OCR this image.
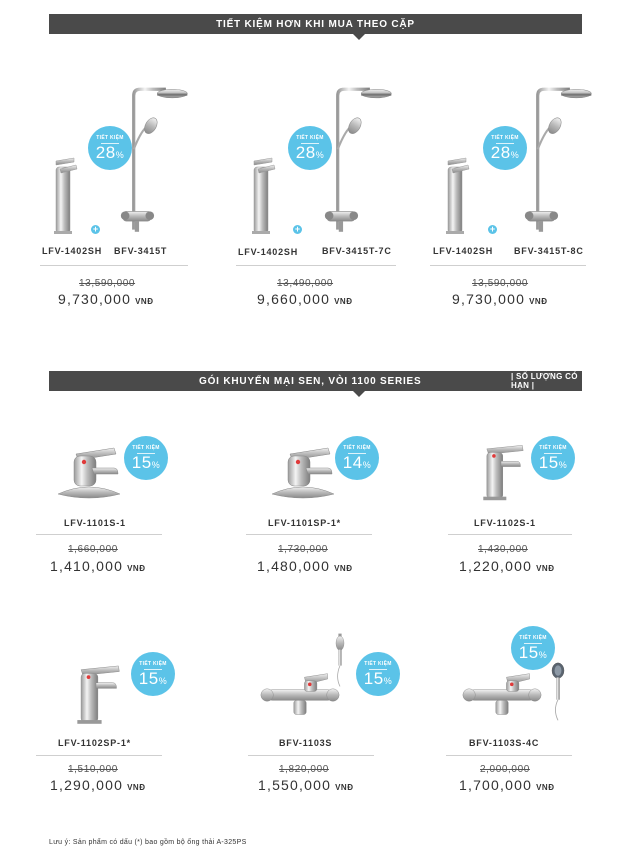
TIẾT KIỆM HƠN KHI MUA THEO CẶP
+
TIẾT KIỆM
28%
LFV-1402SH BFV-3415T
13,590,000
9,730,000 VNĐ
+
TIẾT KIỆM
28%
LFV-1402SH	BFV-3415T-7C
13,490,000
9,660,000 VNĐ
+
TIẾT KIỆM
28%
LFV-1402SH BFV-3415T-8C
13,590,000
9,730,000 VNĐ
GÓI KHUYẾN MẠI SEN, VÒI 1100 SERIES	| SỐ LƯỢNG CÓ HẠN |
TIẾT KIỆM
15%
LFV-1101S-1
1,660,000
1,410,000 VNĐ
TIẾT KIỆM
14%
LFV-1101SP-1*
1,730,000
1,480,000 VNĐ
TIẾT KIỆM
15%
LFV-1102S-1
1,430,000
1,220,000 VNĐ
TIẾT KIỆM
15%
LFV-1102SP-1*
1,510,000
1,290,000 VNĐ
TIẾT KIỆM
15%
BFV-1103S
1,820,000
1,550,000 VNĐ
TIẾT KIỆM
15%
BFV-1103S-4C
2,000,000
1,700,000 VNĐ
Lưu ý: Sản phẩm có dấu (*) bao gồm bộ ống thải A-325PS
